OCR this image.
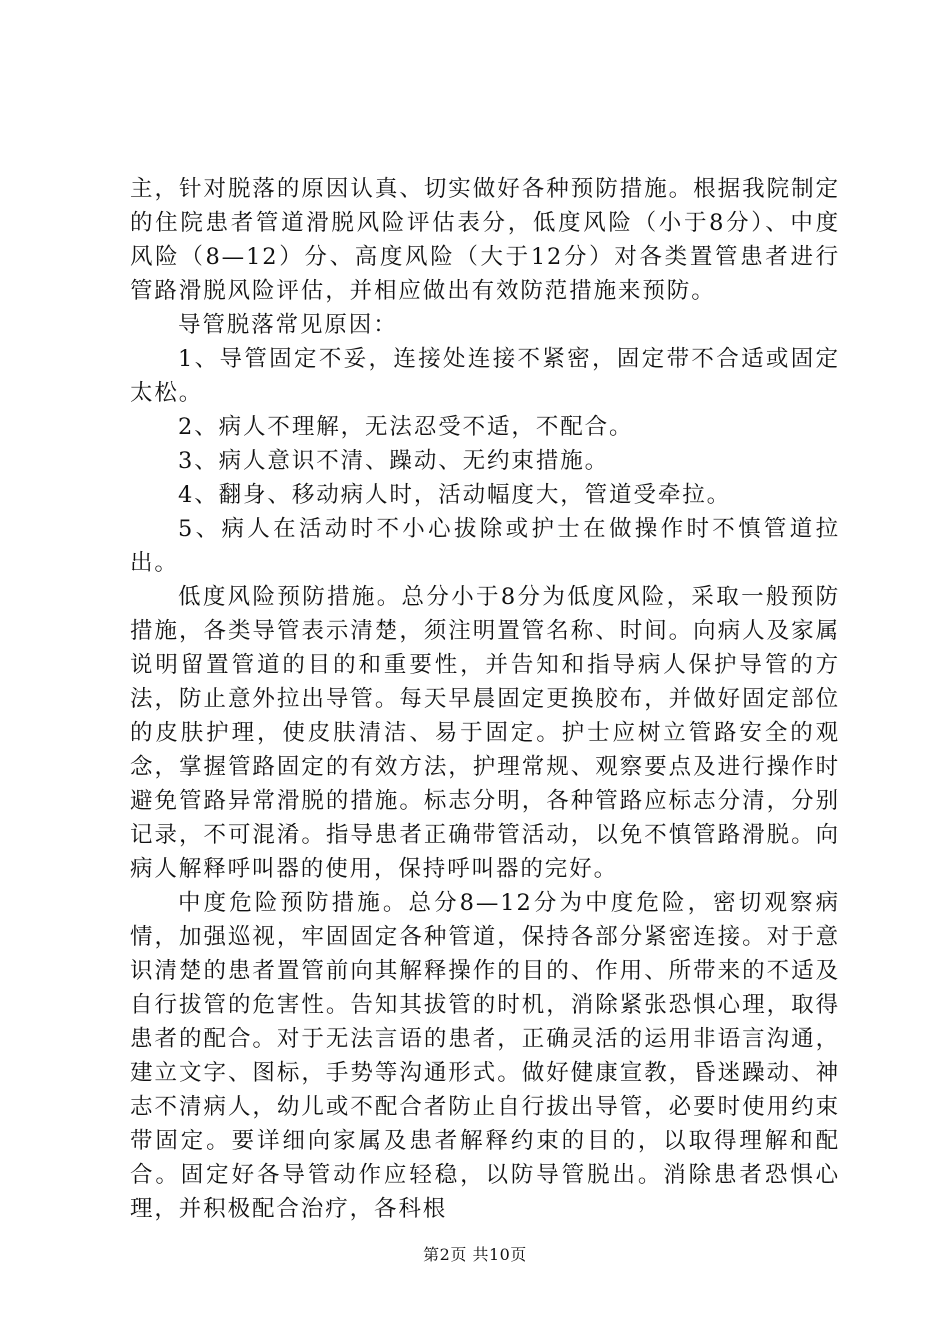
主，针对脱落的原因认真、切实做好各种预防措施。根据我院制定的住院患者管道滑脱风险评估表分，低度风险（小于8分）、中度风险（8—12）分、高度风险（大于12分）对各类置管患者进行管路滑脱风险评估，并相应做出有效防范措施来预防。

导管脱落常见原因：

1、导管固定不妥，连接处连接不紧密，固定带不合适或固定太松。

2、病人不理解，无法忍受不适，不配合。

3、病人意识不清、躁动、无约束措施。

4、翻身、移动病人时，活动幅度大，管道受牵拉。

5、病人在活动时不小心拔除或护士在做操作时不慎管道拉出。

低度风险预防措施。总分小于8分为低度风险，采取一般预防措施，各类导管表示清楚，须注明置管名称、时间。向病人及家属说明留置管道的目的和重要性，并告知和指导病人保护导管的方法，防止意外拉出导管。每天早晨固定更换胶布，并做好固定部位的皮肤护理，使皮肤清洁、易于固定。护士应树立管路安全的观念，掌握管路固定的有效方法，护理常规、观察要点及进行操作时避免管路异常滑脱的措施。标志分明，各种管路应标志分清，分别记录，不可混淆。指导患者正确带管活动，以免不慎管路滑脱。向病人解释呼叫器的使用，保持呼叫器的完好。

中度危险预防措施。总分8—12分为中度危险，密切观察病情，加强巡视，牢固固定各种管道，保持各部分紧密连接。对于意识清楚的患者置管前向其解释操作的目的、作用、所带来的不适及自行拔管的危害性。告知其拔管的时机，消除紧张恐惧心理，取得患者的配合。对于无法言语的患者，正确灵活的运用非语言沟通，建立文字、图标，手势等沟通形式。做好健康宣教，昏迷躁动、神志不清病人，幼儿或不配合者防止自行拔出导管，必要时使用约束带固定。要详细向家属及患者解释约束的目的，以取得理解和配合。固定好各导管动作应轻稳，以防导管脱出。消除患者恐惧心理，并积极配合治疗，各科根

第2页 共10页
